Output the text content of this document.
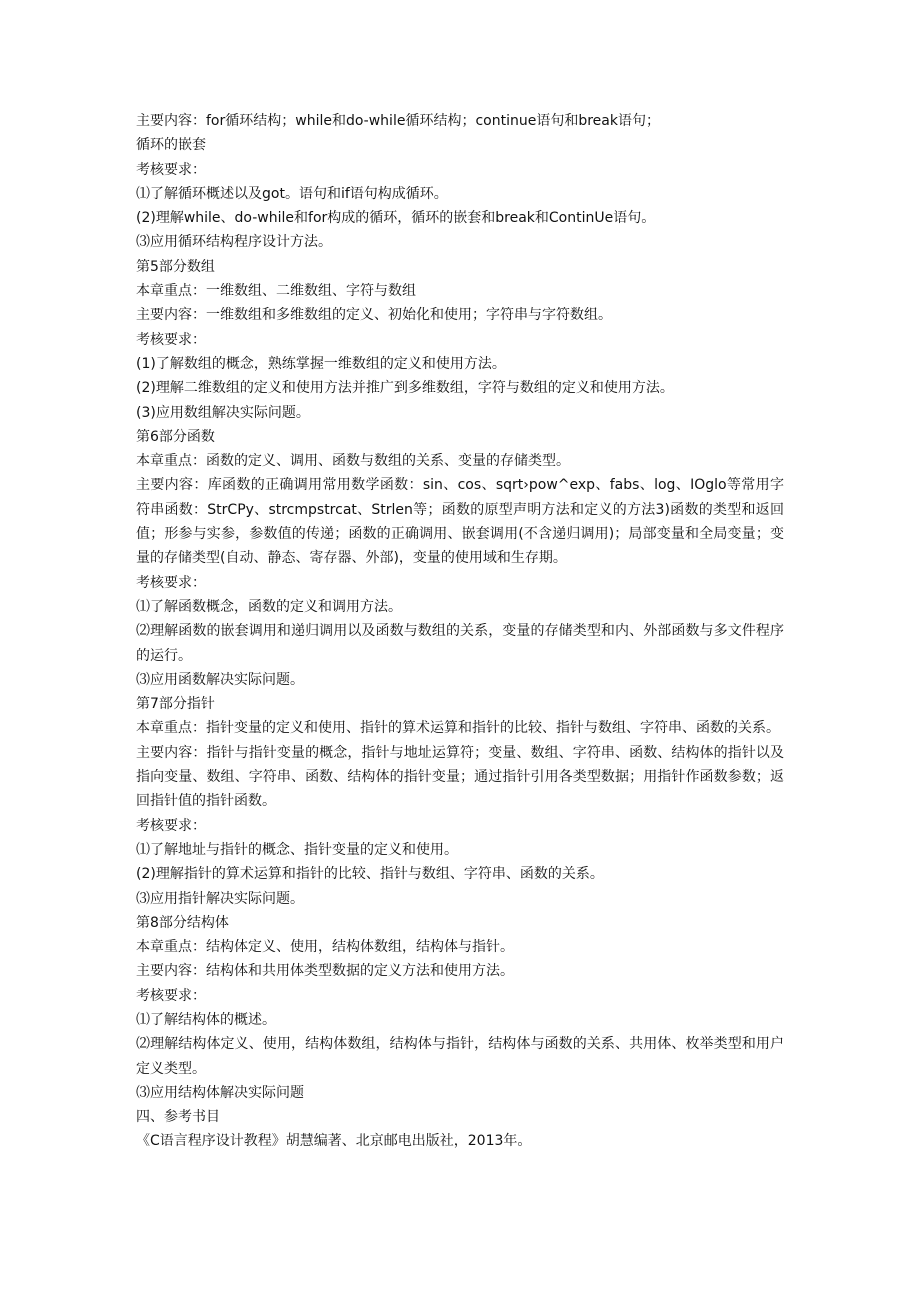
主要内容：for循环结构；while和do-while循环结构；continue语句和break语句；
循环的嵌套
考核要求：
⑴了解循环概述以及got。语句和if语句构成循环。
(2)理解while、do-while和for构成的循环，循环的嵌套和break和ContinUe语句。
⑶应用循环结构程序设计方法。
第5部分数组
本章重点：一维数组、二维数组、字符与数组
主要内容：一维数组和多维数组的定义、初始化和使用；字符串与字符数组。
考核要求：
(1)了解数组的概念，熟练掌握一维数组的定义和使用方法。
(2)理解二维数组的定义和使用方法并推广到多维数组，字符与数组的定义和使用方法。
(3)应用数组解决实际问题。
第6部分函数
本章重点：函数的定义、调用、函数与数组的关系、变量的存储类型。

主要内容：库函数的正确调用常用数学函数：sin、cos、sqrt›pow^exp、fabs、log、IOglo等常用字符串函数：StrCPy、strcmpstrcat、Strlen等；函数的原型声明方法和定义的方法3)函数的类型和返回值；形参与实参，参数值的传递；函数的正确调用、嵌套调用(不含递归调用)；局部变量和全局变量；变量的存储类型(自动、静态、寄存器、外部)，变量的使用域和生存期。

考核要求：
⑴了解函数概念，函数的定义和调用方法。

⑵理解函数的嵌套调用和递归调用以及函数与数组的关系，变量的存储类型和内、外部函数与多文件程序的运行。

⑶应用函数解决实际问题。
第7部分指针

本章重点：指针变量的定义和使用、指针的算术运算和指针的比较、指针与数组、字符串、函数的关系。

主要内容：指针与指针变量的概念，指针与地址运算符；变量、数组、字符串、函数、结构体的指针以及指向变量、数组、字符串、函数、结构体的指针变量；通过指针引用各类型数据；用指针作函数参数；返回指针值的指针函数。

考核要求：
⑴了解地址与指针的概念、指针变量的定义和使用。
(2)理解指针的算术运算和指针的比较、指针与数组、字符串、函数的关系。
⑶应用指针解决实际问题。
第8部分结构体
本章重点：结构体定义、使用，结构体数组，结构体与指针。
主要内容：结构体和共用体类型数据的定义方法和使用方法。
考核要求：
⑴了解结构体的概述。

⑵理解结构体定义、使用，结构体数组，结构体与指针，结构体与函数的关系、共用体、枚举类型和用户定义类型。

⑶应用结构体解决实际问题
四、参考书目
《C语言程序设计教程》胡慧编著、北京邮电出版社，2013年。
